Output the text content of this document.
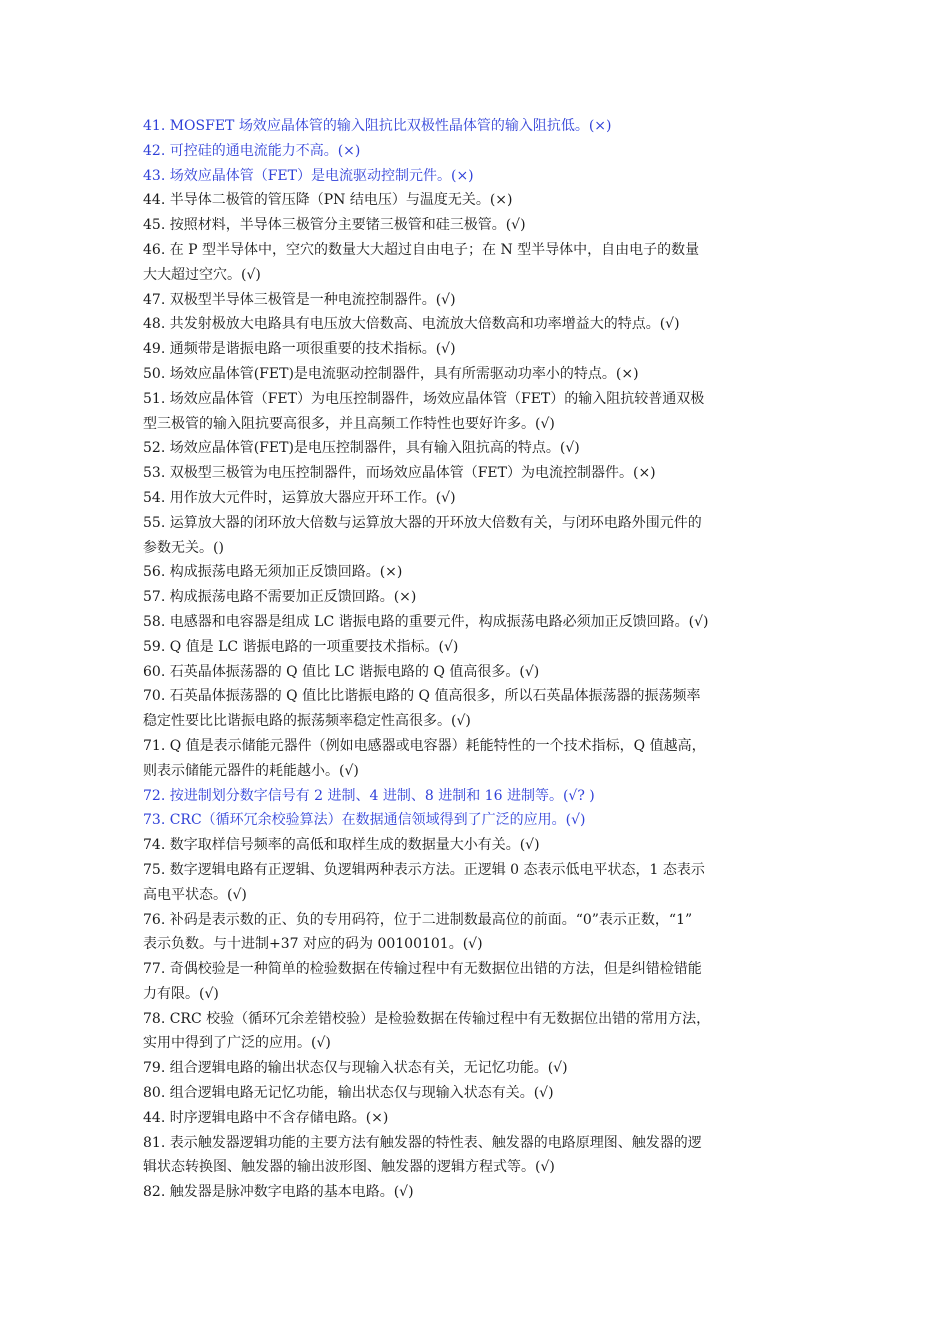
41. MOSFET 场效应晶体管的输入阻抗比双极性晶体管的输入阻抗低。(×)
42. 可控硅的通电流能力不高。(×)
43. 场效应晶体管（FET）是电流驱动控制元件。(×)
44. 半导体二极管的管压降（PN 结电压）与温度无关。(×)
45. 按照材料，半导体三极管分主要锗三极管和硅三极管。(√)
46. 在 P 型半导体中，空穴的数量大大超过自由电子；在 N 型半导体中，自由电子的数量
大大超过空穴。(√)
47. 双极型半导体三极管是一种电流控制器件。(√)
48. 共发射极放大电路具有电压放大倍数高、电流放大倍数高和功率增益大的特点。(√)
49. 通频带是谐振电路一项很重要的技术指标。(√)
50. 场效应晶体管(FET)是电流驱动控制器件，具有所需驱动功率小的特点。(×)
51. 场效应晶体管（FET）为电压控制器件，场效应晶体管（FET）的输入阻抗较普通双极
型三极管的输入阻抗要高很多，并且高频工作特性也要好许多。(√)
52. 场效应晶体管(FET)是电压控制器件，具有输入阻抗高的特点。(√)
53. 双极型三极管为电压控制器件，而场效应晶体管（FET）为电流控制器件。(×)
54. 用作放大元件时，运算放大器应开环工作。(√)
55. 运算放大器的闭环放大倍数与运算放大器的开环放大倍数有关，与闭环电路外围元件的
参数无关。()
56. 构成振荡电路无须加正反馈回路。(×)
57. 构成振荡电路不需要加正反馈回路。(×)
58. 电感器和电容器是组成 LC 谐振电路的重要元件，构成振荡电路必须加正反馈回路。(√)
59. Q 值是 LC 谐振电路的一项重要技术指标。(√)
60. 石英晶体振荡器的 Q 值比 LC 谐振电路的 Q 值高很多。(√)
70. 石英晶体振荡器的 Q 值比比谐振电路的 Q 值高很多，所以石英晶体振荡器的振荡频率
稳定性要比比谐振电路的振荡频率稳定性高很多。(√)
71. Q 值是表示储能元器件（例如电感器或电容器）耗能特性的一个技术指标，Q 值越高，
则表示储能元器件的耗能越小。(√)
72. 按进制划分数字信号有 2 进制、4 进制、8 进制和 16 进制等。(√? )
73. CRC（循环冗余校验算法）在数据通信领域得到了广泛的应用。(√)
74. 数字取样信号频率的高低和取样生成的数据量大小有关。(√)
75. 数字逻辑电路有正逻辑、负逻辑两种表示方法。正逻辑 0 态表示低电平状态，1 态表示
高电平状态。(√)
76. 补码是表示数的正、负的专用码符，位于二进制数最高位的前面。“0”表示正数，“1”
表示负数。与十进制+37 对应的码为 00100101。(√)
77. 奇偶校验是一种简单的检验数据在传输过程中有无数据位出错的方法，但是纠错检错能
力有限。(√)
78. CRC 校验（循环冗余差错校验）是检验数据在传输过程中有无数据位出错的常用方法，
实用中得到了广泛的应用。(√)
79. 组合逻辑电路的输出状态仅与现输入状态有关，无记忆功能。(√)
80. 组合逻辑电路无记忆功能，输出状态仅与现输入状态有关。(√)
44. 时序逻辑电路中不含存储电路。(×)
81. 表示触发器逻辑功能的主要方法有触发器的特性表、触发器的电路原理图、触发器的逻
辑状态转换图、触发器的输出波形图、触发器的逻辑方程式等。(√)
82. 触发器是脉冲数字电路的基本电路。(√)
